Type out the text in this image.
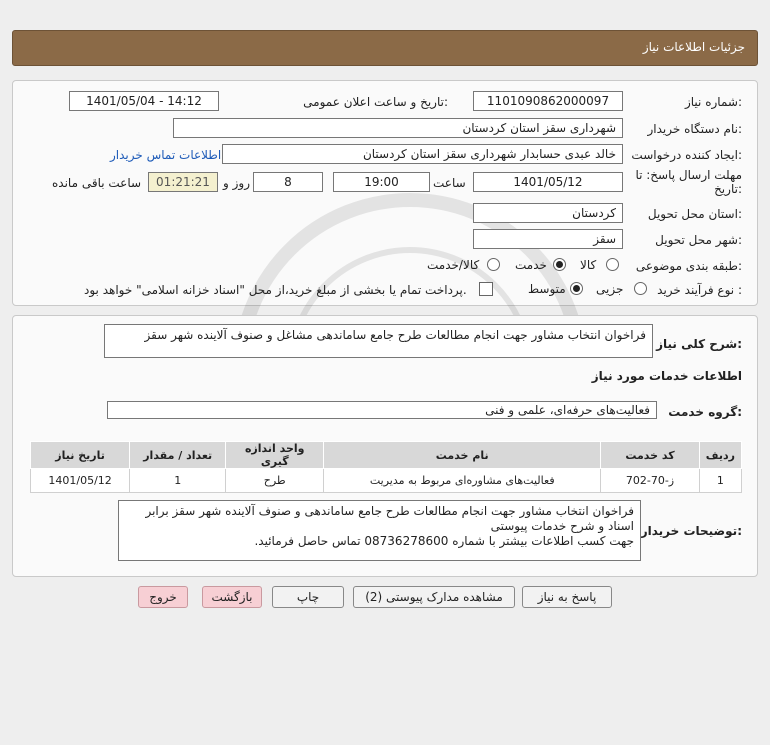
جزئیات اطلاعات نیاز
شماره نیاز:
1101090862000097
تاریخ و ساعت اعلان عمومی:
1401/05/04 - 14:12
نام دستگاه خریدار:
شهرداری سقز استان کردستان
ایجاد کننده درخواست:
خالد عبدی حسابدار شهرداری سقز استان کردستان
اطلاعات تماس خریدار
مهلت ارسال پاسخ: تا
تاریخ:
1401/05/12
ساعت
19:00
8
روز و
01:21:21
ساعت باقی مانده
استان محل تحویل:
کردستان
شهر محل تحویل:
سقز
طبقه بندی موضوعی:
کالا
خدمت
کالا/خدمت
نوع فرآیند خرید :
جزیی
متوسط
پرداخت تمام یا بخشی از مبلغ خرید،از محل "اسناد خزانه اسلامی" خواهد بود.
شرح کلی نیاز:
فراخوان انتخاب مشاور جهت انجام مطالعات طرح جامع ساماندهی مشاغل و صنوف آلاینده شهر سقز
اطلاعات خدمات مورد نیاز
گروه خدمت:
فعالیت‌های حرفه‌ای، علمی و فنی
ردیف	کد خدمت	نام خدمت	واحد اندازه گیری	تعداد / مقدار	تاریخ نیاز
1	ز-70-702	فعالیت‌های مشاوره‌ای مربوط به مدیریت	طرح	1	1401/05/12
توضیحات خریدار:
فراخوان انتخاب مشاور جهت انجام مطالعات طرح جامع ساماندهی و صنوف آلاینده شهر سقز برابر اسناد و شرح خدمات پیوستی
جهت کسب اطلاعات بیشتر با شماره 08736278600 تماس حاصل فرمائید.
پاسخ به نیاز
مشاهده مدارک پیوستی (2)
چاپ
بازگشت
خروج
